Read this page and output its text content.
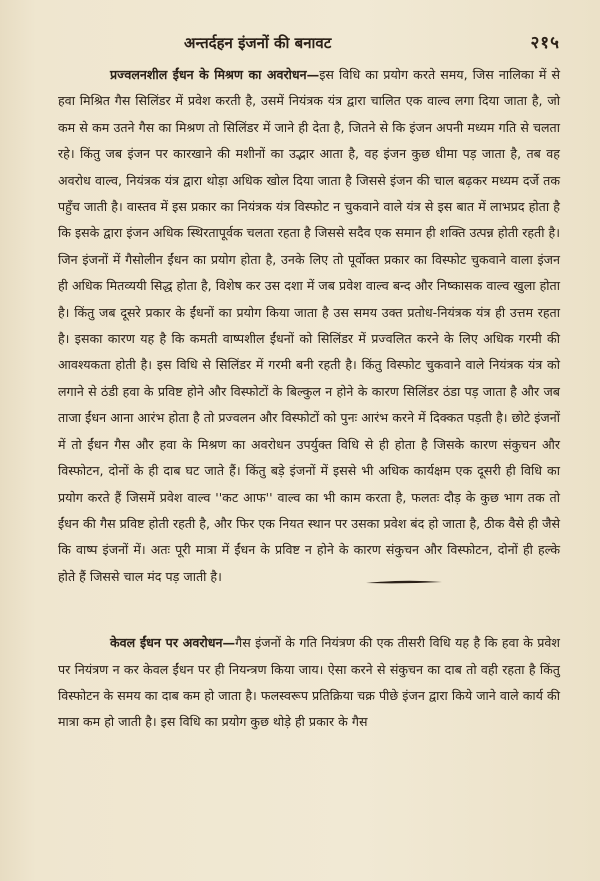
अन्तर्दहन इंजनों की बनावट	२१५

प्रज्वलनशील ईंधन के मिश्रण का अवरोधन—इस विधि का प्रयोग करते समय, जिस नालिका में से हवा मिश्रित गैस सिलिंडर में प्रवेश करती है, उसमें नियंत्रक यंत्र द्वारा चालित एक वाल्व लगा दिया जाता है, जो कम से कम उतने गैस का मिश्रण तो सिलिंडर में जाने ही देता है, जितने से कि इंजन अपनी मध्यम गति से चलता रहे। किंतु जब इंजन पर कारखाने की मशीनों का उद्भार आता है, वह इंजन कुछ धीमा पड़ जाता है, तब वह अवरोध वाल्व, नियंत्रक यंत्र द्वारा थोड़ा अधिक खोल दिया जाता है जिससे इंजन की चाल बढ़कर मध्यम दर्जे तक पहुँच जाती है। वास्तव में इस प्रकार का नियंत्रक यंत्र विस्फोट न चुकवाने वाले यंत्र से इस बात में लाभप्रद होता है कि इसके द्वारा इंजन अधिक स्थिरतापूर्वक चलता रहता है जिससे सदैव एक समान ही शक्ति उत्पन्न होती रहती है। जिन इंजनों में गैसोलीन ईंधन का प्रयोग होता है, उनके लिए तो पूर्वोक्त प्रकार का विस्फोट चुकवाने वाला इंजन ही अधिक मितव्ययी सिद्ध होता है, विशेष कर उस दशा में जब प्रवेश वाल्व बन्द और निष्कासक वाल्व खुला होता है। किंतु जब दूसरे प्रकार के ईंधनों का प्रयोग किया जाता है उस समय उक्त प्रतोध-नियंत्रक यंत्र ही उत्तम रहता है। इसका कारण यह है कि कमती वाष्पशील ईंधनों को सिलिंडर में प्रज्वलित करने के लिए अधिक गरमी की आवश्यकता होती है। इस विधि से सिलिंडर में गरमी बनी रहती है। किंतु विस्फोट चुकवाने वाले नियंत्रक यंत्र को लगाने से ठंडी हवा के प्रविष्ट होने और विस्फोटों के बिल्कुल न होने के कारण सिलिंडर ठंडा पड़ जाता है और जब ताजा ईंधन आना आरंभ होता है तो प्रज्वलन और विस्फोटों को पुनः आरंभ करने में दिक्कत पड़ती है। छोटे इंजनों में तो ईंधन गैस और हवा के मिश्रण का अवरोधन उपर्युक्त विधि से ही होता है जिसके कारण संकुचन और विस्फोटन, दोनों के ही दाब घट जाते हैं। किंतु बड़े इंजनों में इससे भी अधिक कार्यक्षम एक दूसरी ही विधि का प्रयोग करते हैं जिसमें प्रवेश वाल्व ''कट आफ'' वाल्व का भी काम करता है, फलतः दौड़ के कुछ भाग तक तो ईंधन की गैस प्रविष्ट होती रहती है, और फिर एक नियत स्थान पर उसका प्रवेश बंद हो जाता है, ठीक वैसे ही जैसे कि वाष्प इंजनों में। अतः पूरी मात्रा में ईंधन के प्रविष्ट न होने के कारण संकुचन और विस्फोटन, दोनों ही हल्के होते हैं जिससे चाल मंद पड़ जाती है।

केवल ईंधन पर अवरोधन—गैस इंजनों के गति नियंत्रण की एक तीसरी विधि यह है कि हवा के प्रवेश पर नियंत्रण न कर केवल ईंधन पर ही नियन्त्रण किया जाय। ऐसा करने से संकुचन का दाब तो वही रहता है किंतु विस्फोटन के समय का दाब कम हो जाता है। फलस्वरूप प्रतिक्रिया चक्र पीछे इंजन द्वारा किये जाने वाले कार्य की मात्रा कम हो जाती है। इस विधि का प्रयोग कुछ थोड़े ही प्रकार के गैस
